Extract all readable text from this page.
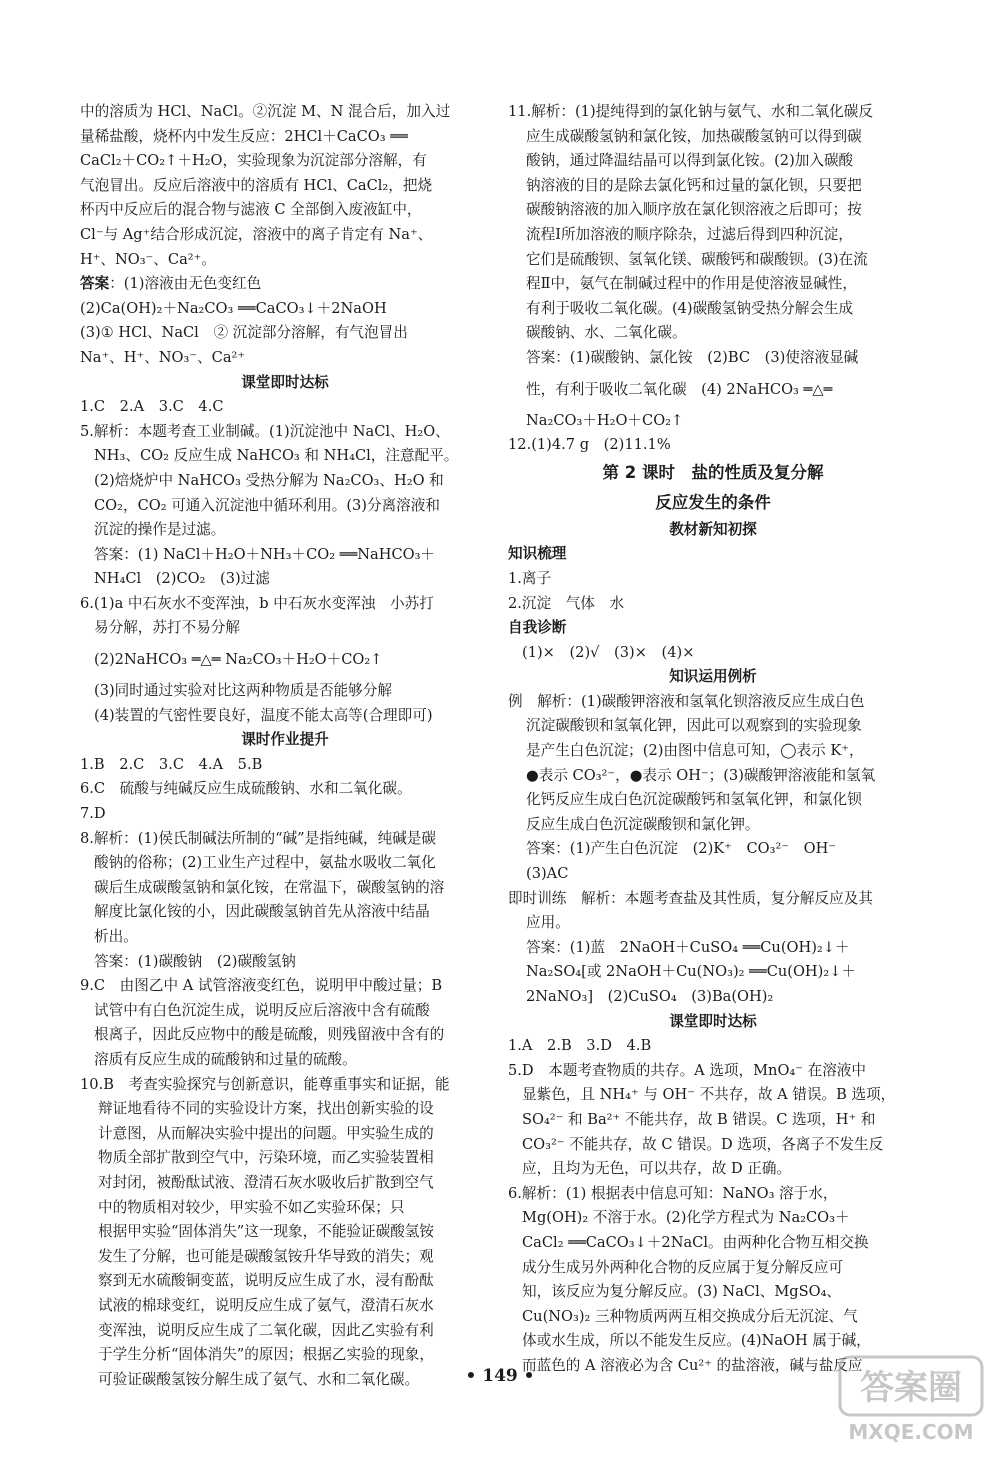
中的溶质为 HCl、NaCl。②沉淀 M、N 混合后，加入过
量稀盐酸，烧杯内中发生反应：2HCl＋CaCO₃ ══
CaCl₂＋CO₂↑＋H₂O，实验现象为沉淀部分溶解，有
气泡冒出。反应后溶液中的溶质有 HCl、CaCl₂，把烧
杯丙中反应后的混合物与滤液 C 全部倒入废液缸中，
Cl⁻与 Ag⁺结合形成沉淀，溶液中的离子肯定有 Na⁺、
H⁺、NO₃⁻、Ca²⁺。
答案：(1)溶液由无色变红色
(2)Ca(OH)₂＋Na₂CO₃ ══CaCO₃↓＋2NaOH
(3)① HCl、NaCl　② 沉淀部分溶解，有气泡冒出
Na⁺、H⁺、NO₃⁻、Ca²⁺
课堂即时达标
1.C　2.A　3.C　4.C
5.解析：本题考查工业制碱。(1)沉淀池中 NaCl、H₂O、
NH₃、CO₂ 反应生成 NaHCO₃ 和 NH₄Cl，注意配平。
(2)焙烧炉中 NaHCO₃ 受热分解为 Na₂CO₃、H₂O 和
CO₂，CO₂ 可通入沉淀池中循环利用。(3)分离溶液和
沉淀的操作是过滤。
答案：(1) NaCl＋H₂O＋NH₃＋CO₂ ══NaHCO₃＋
NH₄Cl　(2)CO₂　(3)过滤
6.(1)a 中石灰水不变浑浊，b 中石灰水变浑浊　小苏打
易分解，苏打不易分解
(2)2NaHCO₃ ═△═ Na₂CO₃＋H₂O＋CO₂↑
(3)同时通过实验对比这两种物质是否能够分解
(4)装置的气密性要良好，温度不能太高等(合理即可)
课时作业提升
1.B　2.C　3.C　4.A　5.B
6.C　硫酸与纯碱反应生成硫酸钠、水和二氧化碳。
7.D
8.解析：(1)侯氏制碱法所制的“碱”是指纯碱，纯碱是碳
酸钠的俗称；(2)工业生产过程中，氨盐水吸收二氧化
碳后生成碳酸氢钠和氯化铵，在常温下，碳酸氢钠的溶
解度比氯化铵的小，因此碳酸氢钠首先从溶液中结晶
析出。
答案：(1)碳酸钠　(2)碳酸氢钠
9.C　由图乙中 A 试管溶液变红色，说明甲中酸过量；B
试管中有白色沉淀生成，说明反应后溶液中含有硫酸
根离子，因此反应物中的酸是硫酸，则残留液中含有的
溶质有反应生成的硫酸钠和过量的硫酸。
10.B　考查实验探究与创新意识，能尊重事实和证据，能
辩证地看待不同的实验设计方案，找出创新实验的设
计意图，从而解决实验中提出的问题。甲实验生成的
物质全部扩散到空气中，污染环境，而乙实验装置相
对封闭，被酚酞试液、澄清石灰水吸收后扩散到空气
中的物质相对较少，甲实验不如乙实验环保；只
根据甲实验“固体消失”这一现象，不能验证碳酸氢铵
发生了分解，也可能是碳酸氢铵升华导致的消失；观
察到无水硫酸铜变蓝，说明反应生成了水，浸有酚酞
试液的棉球变红，说明反应生成了氨气，澄清石灰水
变浑浊，说明反应生成了二氧化碳，因此乙实验有利
于学生分析“固体消失”的原因；根据乙实验的现象，
可验证碳酸氢铵分解生成了氨气、水和二氧化碳。
11.解析：(1)提纯得到的氯化钠与氨气、水和二氧化碳反
应生成碳酸氢钠和氯化铵，加热碳酸氢钠可以得到碳
酸钠，通过降温结晶可以得到氯化铵。(2)加入碳酸
钠溶液的目的是除去氯化钙和过量的氯化钡，只要把
碳酸钠溶液的加入顺序放在氯化钡溶液之后即可；按
流程Ⅰ所加溶液的顺序除杂，过滤后得到四种沉淀，
它们是硫酸钡、氢氧化镁、碳酸钙和碳酸钡。(3)在流
程Ⅱ中，氨气在制碱过程中的作用是使溶液显碱性，
有利于吸收二氧化碳。(4)碳酸氢钠受热分解会生成
碳酸钠、水、二氧化碳。
答案：(1)碳酸钠、氯化铵　(2)BC　(3)使溶液显碱
性，有利于吸收二氧化碳　(4) 2NaHCO₃ ═△═
Na₂CO₃＋H₂O＋CO₂↑
12.(1)4.7 g　(2)11.1%
第 2 课时　盐的性质及复分解
反应发生的条件
教材新知初探
知识梳理
1.离子
2.沉淀　气体　水
自我诊断
(1)×　(2)√　(3)×　(4)×
知识运用例析
例　解析：(1)碳酸钾溶液和氢氧化钡溶液反应生成白色
沉淀碳酸钡和氢氧化钾，因此可以观察到的实验现象
是产生白色沉淀；(2)由图中信息可知，◯表示 K⁺，
●表示 CO₃²⁻，●表示 OH⁻；(3)碳酸钾溶液能和氢氧
化钙反应生成白色沉淀碳酸钙和氢氧化钾，和氯化钡
反应生成白色沉淀碳酸钡和氯化钾。
答案：(1)产生白色沉淀　(2)K⁺　CO₃²⁻　OH⁻
(3)AC
即时训练　解析：本题考查盐及其性质，复分解反应及其
应用。
答案：(1)蓝　2NaOH＋CuSO₄ ══Cu(OH)₂↓＋
Na₂SO₄[或 2NaOH＋Cu(NO₃)₂ ══Cu(OH)₂↓＋
2NaNO₃]　(2)CuSO₄　(3)Ba(OH)₂
课堂即时达标
1.A　2.B　3.D　4.B
5.D　本题考查物质的共存。A 选项，MnO₄⁻ 在溶液中
显紫色，且 NH₄⁺ 与 OH⁻ 不共存，故 A 错误。B 选项，
SO₄²⁻ 和 Ba²⁺ 不能共存，故 B 错误。C 选项，H⁺ 和
CO₃²⁻ 不能共存，故 C 错误。D 选项，各离子不发生反
应，且均为无色，可以共存，故 D 正确。
6.解析：(1) 根据表中信息可知：NaNO₃ 溶于水，
Mg(OH)₂ 不溶于水。(2)化学方程式为 Na₂CO₃＋
CaCl₂ ══CaCO₃↓＋2NaCl。由两种化合物互相交换
成分生成另外两种化合物的反应属于复分解反应可
知，该反应为复分解反应。(3) NaCl、MgSO₄、
Cu(NO₃)₂ 三种物质两两互相交换成分后无沉淀、气
体或水生成，所以不能发生反应。(4)NaOH 属于碱，
而蓝色的 A 溶液必为含 Cu²⁺ 的盐溶液，碱与盐反应
• 149 •	答案圈
MXQE.COM
